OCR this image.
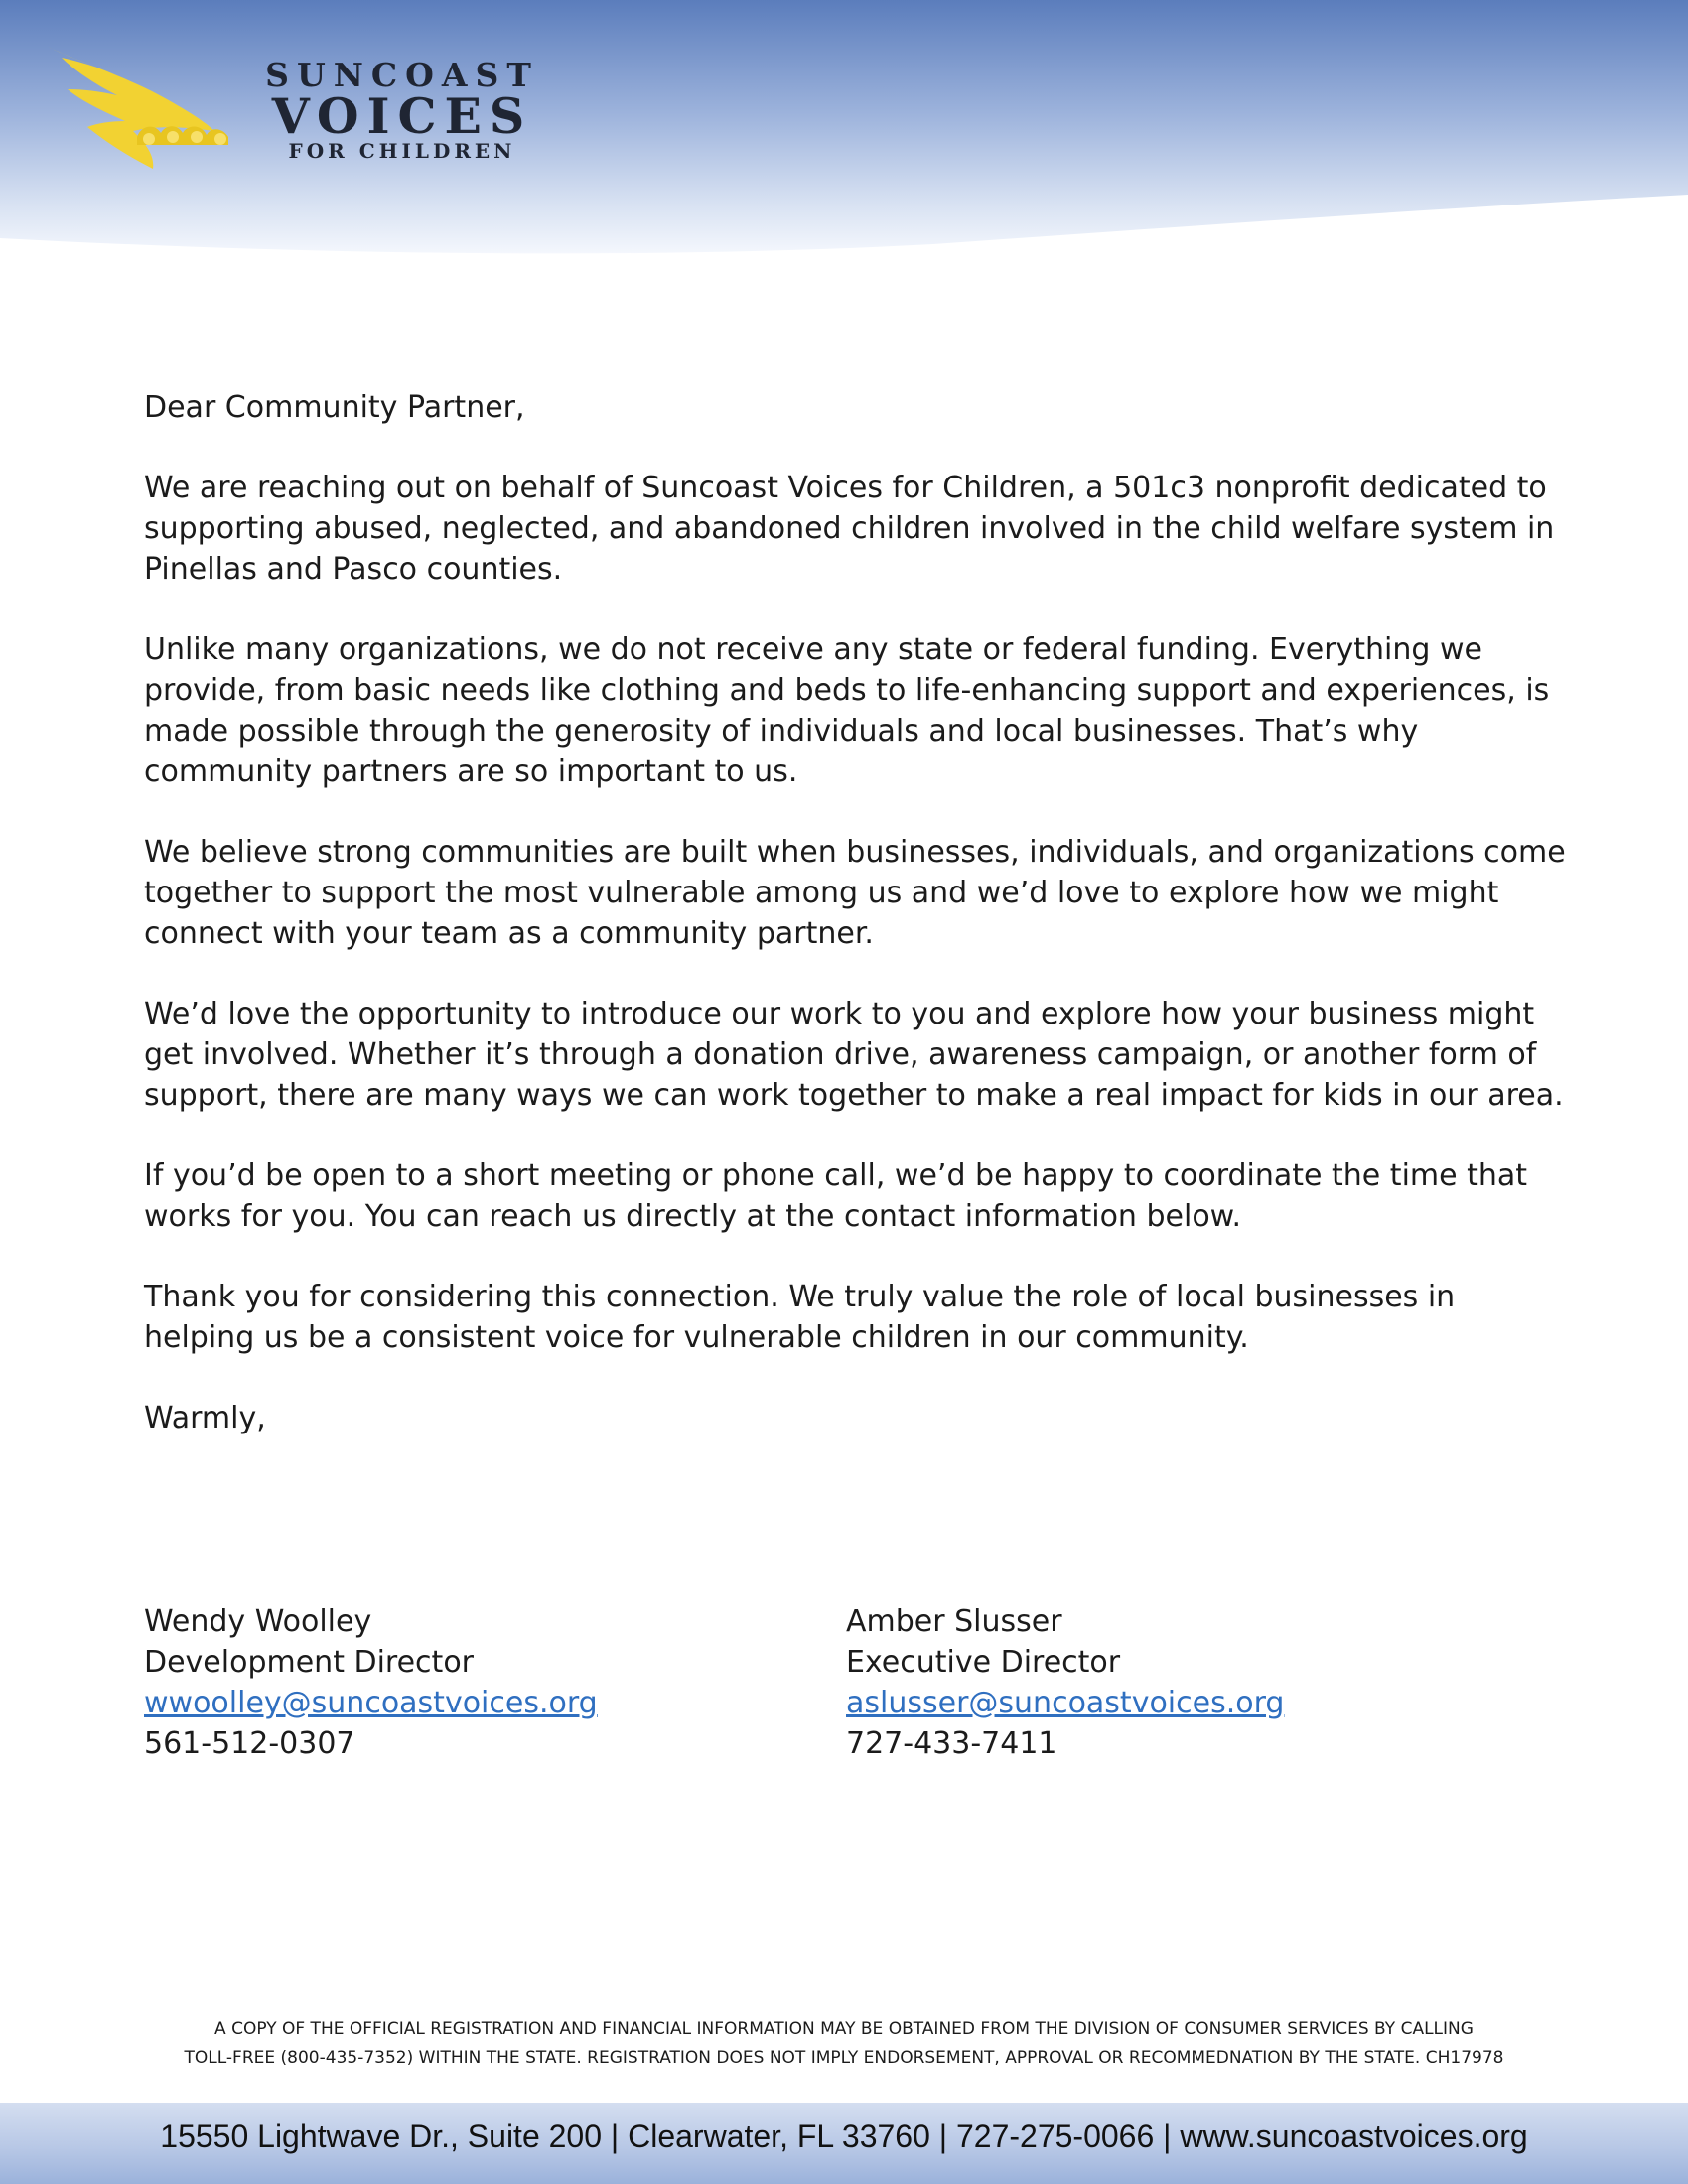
SUNCOAST
VOICES
FOR CHILDREN

Dear Community Partner,

We are reaching out on behalf of Suncoast Voices for Children, a 501c3 nonprofit dedicated to supporting abused, neglected, and abandoned children involved in the child welfare system in Pinellas and Pasco counties.

Unlike many organizations, we do not receive any state or federal funding. Everything we provide, from basic needs like clothing and beds to life-enhancing support and experiences, is made possible through the generosity of individuals and local businesses. That’s why community partners are so important to us.

We believe strong communities are built when businesses, individuals, and organizations come together to support the most vulnerable among us and we’d love to explore how we might connect with your team as a community partner.

We’d love the opportunity to introduce our work to you and explore how your business might get involved. Whether it’s through a donation drive, awareness campaign, or another form of support, there are many ways we can work together to make a real impact for kids in our area.

If you’d be open to a short meeting or phone call, we’d be happy to coordinate the time that works for you. You can reach us directly at the contact information below.

Thank you for considering this connection. We truly value the role of local businesses in helping us be a consistent voice for vulnerable children in our community.

Warmly,

Wendy Woolley
Development Director
wwoolley@suncoastvoices.org
561-512-0307
Amber Slusser
Executive Director
aslusser@suncoastvoices.org
727-433-7411
A COPY OF THE OFFICIAL REGISTRATION AND FINANCIAL INFORMATION MAY BE OBTAINED FROM THE DIVISION OF CONSUMER SERVICES BY CALLING
TOLL-FREE (800-435-7352) WITHIN THE STATE. REGISTRATION DOES NOT IMPLY ENDORSEMENT, APPROVAL OR RECOMMEDNATION BY THE STATE. CH17978
15550 Lightwave Dr., Suite 200 | Clearwater, FL 33760 | 727-275-0066 | www.suncoastvoices.org
